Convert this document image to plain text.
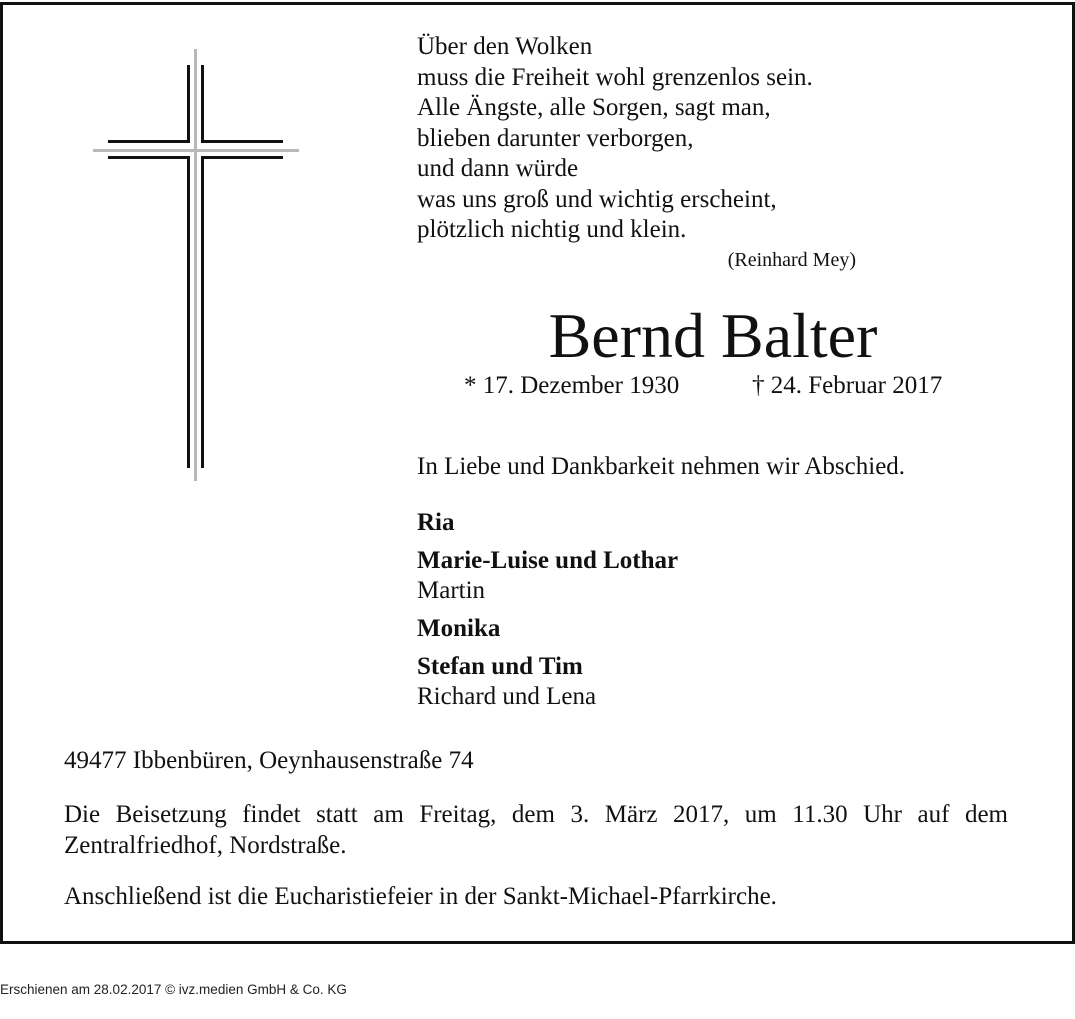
Über den Wolken
muss die Freiheit wohl grenzenlos sein.
Alle Ängste, alle Sorgen, sagt man,
blieben darunter verborgen,
und dann würde
was uns groß und wichtig erscheint,
plötzlich nichtig und klein.
(Reinhard Mey)
Bernd Balter
* 17. Dezember 1930	† 24. Februar 2017
In Liebe und Dankbarkeit nehmen wir Abschied.
Ria
Marie-Luise und Lothar
Martin
Monika
Stefan und Tim
Richard und Lena
49477 Ibbenbüren, Oeynhausenstraße 74
Die Beisetzung findet statt am Freitag, dem 3. März 2017, um 11.30 Uhr auf dem Zentralfriedhof, Nordstraße.
Anschließend ist die Eucharistiefeier in der Sankt-Michael-Pfarrkirche.
Erschienen am 28.02.2017 © ivz.medien GmbH & Co. KG
